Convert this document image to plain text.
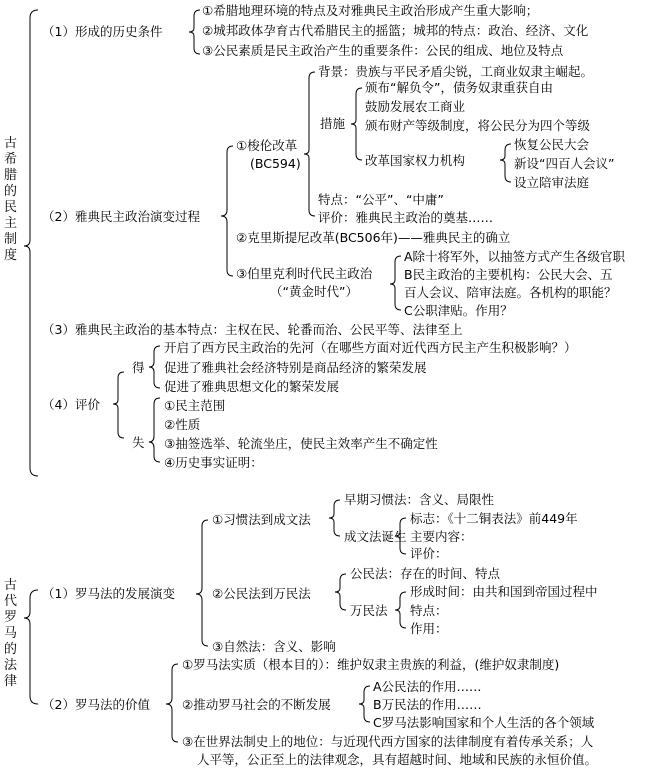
古希腊的民主制度
（1）形成的历史条件
①希腊地理环境的特点及对雅典民主政治形成产生重大影响；
②城邦政体孕育古代希腊民主的摇篮；城邦的特点：政治、经济、文化
③公民素质是民主政治产生的重要条件：公民的组成、地位及特点
背景：贵族与平民矛盾尖锐，工商业奴隶主崛起。
措施
颁布“解负令”，债务奴隶重获自由
鼓励发展农工商业
颁布财产等级制度，将公民分为四个等级
改革国家权力机构
恢复公民大会
新设“四百人会议”
设立陪审法庭
①梭伦改革
(BC594)
特点：“公平”、“中庸”
评价：雅典民主政治的奠基……
（2）雅典民主政治演变过程
②克里斯提尼改革(BC506年)——雅典民主的确立
③伯里克利时代民主政治
（“黄金时代”）
A除十将军外，以抽签方式产生各级官职
B民主政治的主要机构：公民大会、五
百人会议、陪审法庭。各机构的职能？
C公职津贴。作用？
（3）雅典民主政治的基本特点：主权在民、轮番而治、公民平等、法律至上
（4）评价
得
开启了西方民主政治的先河（在哪些方面对近代西方民主产生积极影响？）
促进了雅典社会经济特别是商品经济的繁荣发展
促进了雅典思想文化的繁荣发展
失
①民主范围
②性质
③抽签选举、轮流坐庄，使民主效率产生不确定性
④历史事实证明：
古代罗马的法律
早期习惯法：含义、局限性
①习惯法到成文法
成文法诞生
标志：《十二铜表法》前449年
主要内容：
评价：
（1）罗马法的发展演变	②公民法到万民法
公民法：存在的时间、特点
万民法
形成时间：由共和国到帝国过程中
特点：
作用：
③自然法：含义、影响
①罗马法实质（根本目的）：维护奴隶主贵族的利益，(维护奴隶制度)
A公民法的作用……
（2）罗马法的价值	②推动罗马社会的不断发展	B万民法的作用……
C罗马法影响国家和个人生活的各个领域
③在世界法制史上的地位：与近现代西方国家的法律制度有着传承关系；人
人平等，公正至上的法律观念，具有超越时间、地域和民族的永恒价值。
